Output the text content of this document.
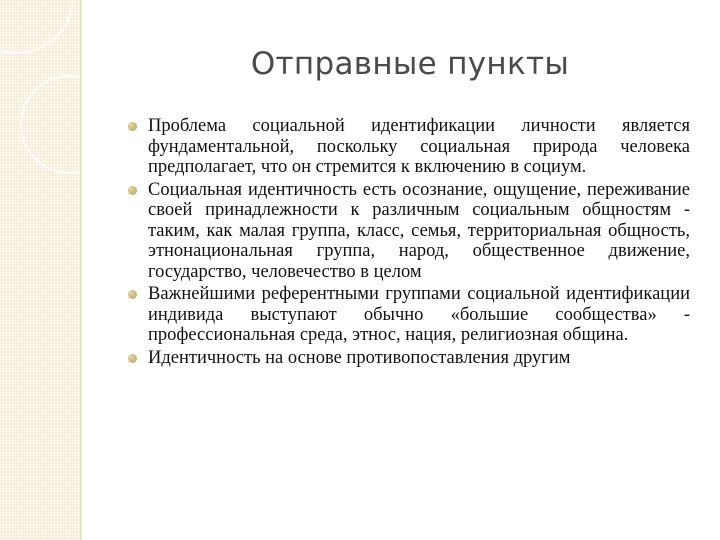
Отправные пункты
Проблема социальной идентификации личности является фундаментальной, поскольку социальная природа человека предполагает, что он стремится к включению в социум.
Социальная идентичность есть осознание, ощущение, переживание своей принадлежности к различным социальным общностям - таким, как малая группа, класс, семья, территориальная общность, этнонациональная группа, народ, общественное движение, государство, человечество в целом
Важнейшими референтными группами социальной идентификации индивида выступают обычно «большие сообщества» - профессиональная среда, этнос, нация, религиозная община.
Идентичность на основе противопоставления другим
